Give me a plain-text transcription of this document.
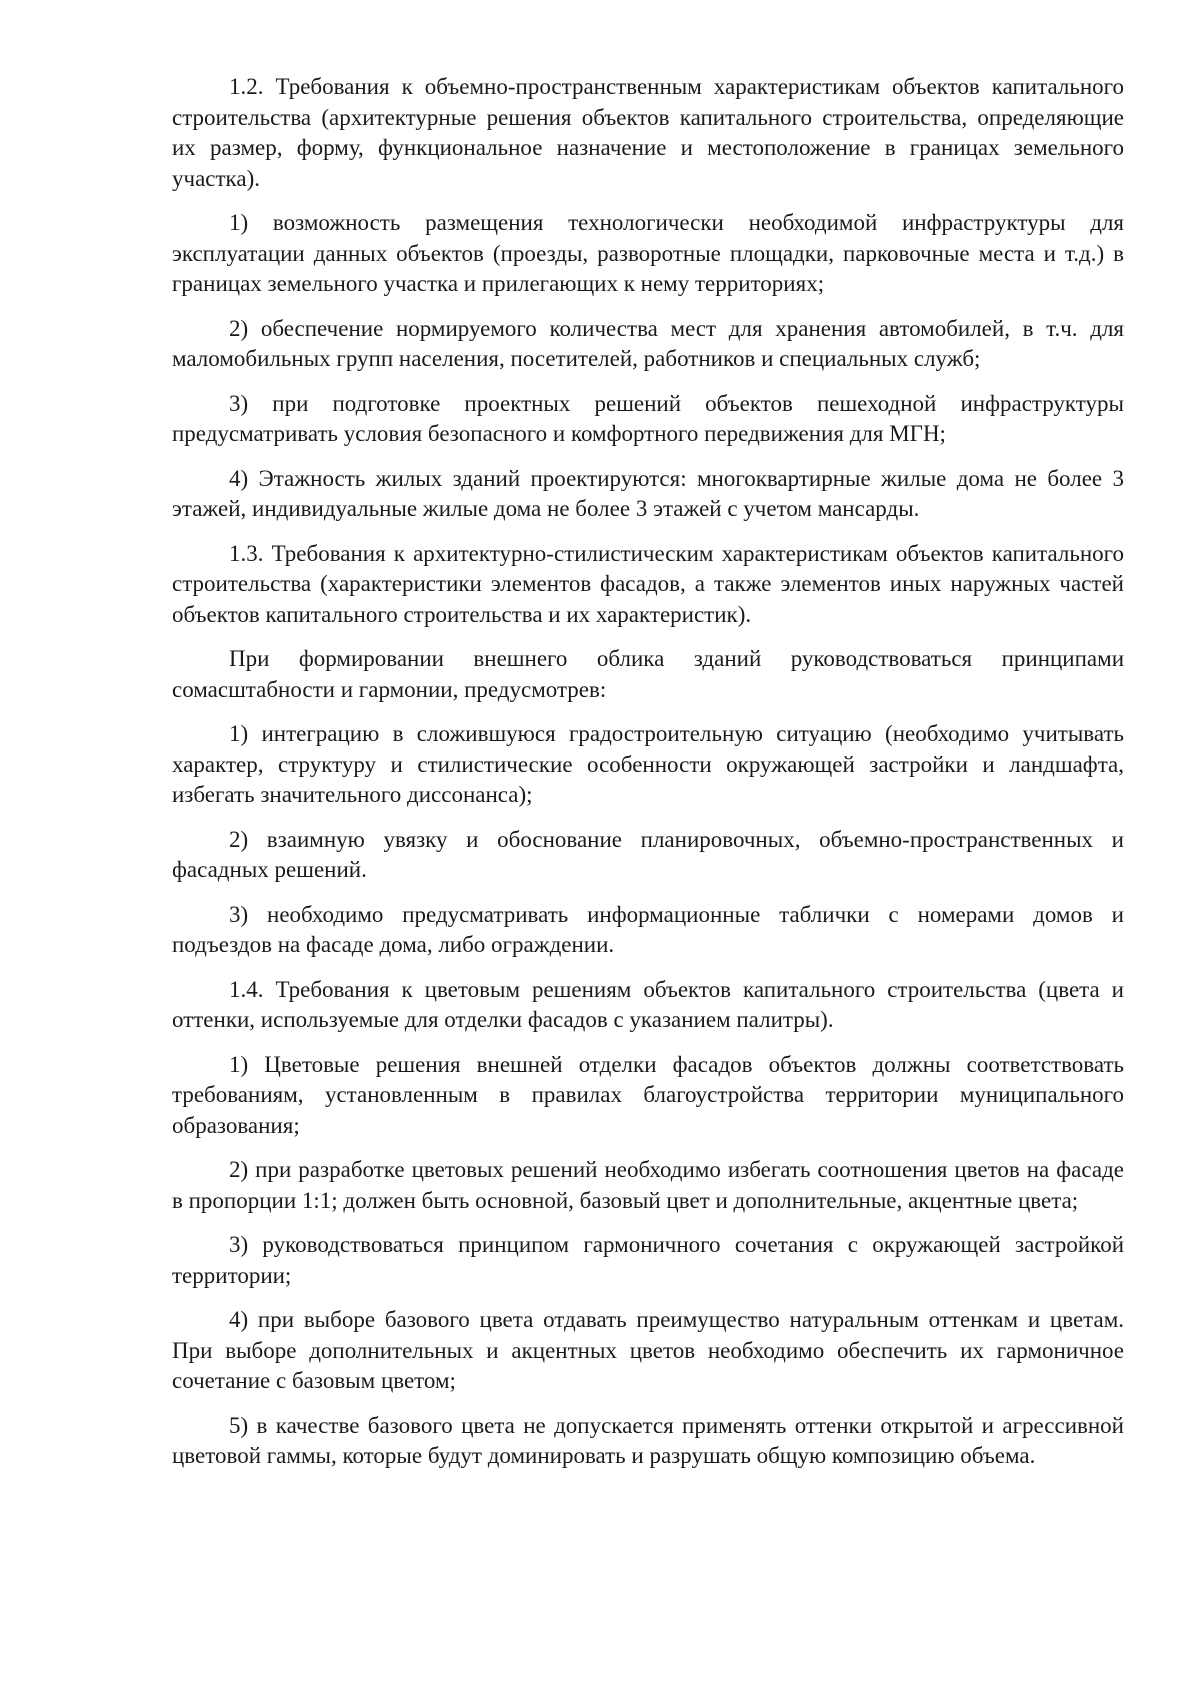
1.2. Требования к объемно-пространственным характеристикам объектов капитального строительства (архитектурные решения объектов капитального строительства, определяющие их размер, форму, функциональное назначение и местоположение в границах земельного участка).

1) возможность размещения технологически необходимой инфраструктуры для эксплуатации данных объектов (проезды, разворотные площадки, парковочные места и т.д.) в границах земельного участка и прилегающих к нему территориях;

2) обеспечение нормируемого количества мест для хранения автомобилей, в т.ч. для маломобильных групп населения, посетителей, работников и специальных служб;

3) при подготовке проектных решений объектов пешеходной инфраструктуры предусматривать условия безопасного и комфортного передвижения для МГН;

4) Этажность жилых зданий проектируются: многоквартирные жилые дома не более 3 этажей, индивидуальные жилые дома не более 3 этажей с учетом мансарды.

1.3. Требования к архитектурно-стилистическим характеристикам объектов капитального строительства (характеристики элементов фасадов, а также элементов иных наружных частей объектов капитального строительства и их характеристик).

При формировании внешнего облика зданий руководствоваться принципами сомасштабности и гармонии, предусмотрев:

1) интеграцию в сложившуюся градостроительную ситуацию (необходимо учитывать характер, структуру и стилистические особенности окружающей застройки и ландшафта, избегать значительного диссонанса);

2) взаимную увязку и обоснование планировочных, объемно-пространственных и фасадных решений.

3) необходимо предусматривать информационные таблички с номерами домов и подъездов на фасаде дома, либо ограждении.

1.4. Требования к цветовым решениям объектов капитального строительства (цвета и оттенки, используемые для отделки фасадов с указанием палитры).

1) Цветовые решения внешней отделки фасадов объектов должны соответствовать требованиям, установленным в правилах благоустройства территории муниципального образования;

2) при разработке цветовых решений необходимо избегать соотношения цветов на фасаде в пропорции 1:1; должен быть основной, базовый цвет и дополнительные, акцентные цвета;

3) руководствоваться принципом гармоничного сочетания с окружающей застройкой территории;

4) при выборе базового цвета отдавать преимущество натуральным оттенкам и цветам. При выборе дополнительных и акцентных цветов необходимо обеспечить их гармоничное сочетание с базовым цветом;

5) в качестве базового цвета не допускается применять оттенки открытой и агрессивной цветовой гаммы, которые будут доминировать и разрушать общую композицию объема.
